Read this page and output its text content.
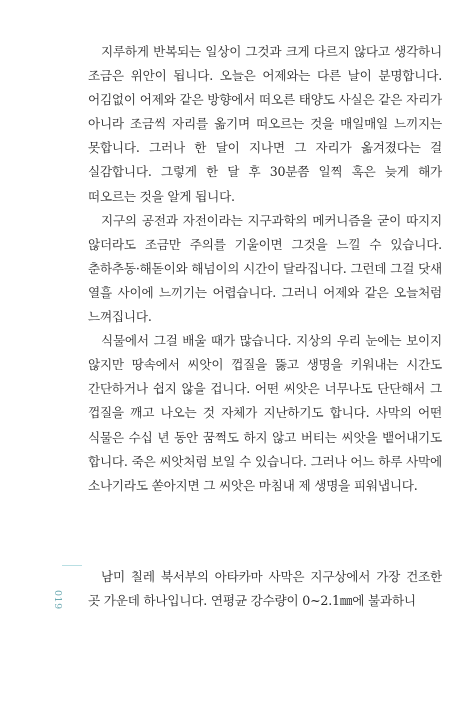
지루하게 반복되는 일상이 그것과 크게 다르지 않다고 생각하니 조금은 위안이 됩니다. 오늘은 어제와는 다른 날이 분명합니다. 어김없이 어제와 같은 방향에서 떠오른 태양도 사실은 같은 자리가 아니라 조금씩 자리를 옮기며 떠오르는 것을 매일매일 느끼지는 못합니다. 그러나 한 달이 지나면 그 자리가 옮겨졌다는 걸 실감합니다. 그렇게 한 달 후 30분쯤 일찍 혹은 늦게 해가 떠오르는 것을 알게 됩니다.

지구의 공전과 자전이라는 지구과학의 메커니즘을 굳이 따지지 않더라도 조금만 주의를 기울이면 그것을 느낄 수 있습니다. 춘하추동·해돋이와 해넘이의 시간이 달라집니다. 그런데 그걸 닷새 열흘 사이에 느끼기는 어렵습니다. 그러니 어제와 같은 오늘처럼 느껴집니다.

식물에서 그걸 배울 때가 많습니다. 지상의 우리 눈에는 보이지 않지만 땅속에서 씨앗이 껍질을 뚫고 생명을 키워내는 시간도 간단하거나 쉽지 않을 겁니다. 어떤 씨앗은 너무나도 단단해서 그 껍질을 깨고 나오는 것 자체가 지난하기도 합니다. 사막의 어떤 식물은 수십 년 동안 꿈쩍도 하지 않고 버티는 씨앗을 뱉어내기도 합니다. 죽은 씨앗처럼 보일 수 있습니다. 그러나 어느 하루 사막에 소나기라도 쏟아지면 그 씨앗은 마침내 제 생명을 피워냅니다.

019

남미 칠레 북서부의 아타카마 사막은 지구상에서 가장 건조한 곳 가운데 하나입니다. 연평균 강수량이 0~2.1㎜에 불과하니
